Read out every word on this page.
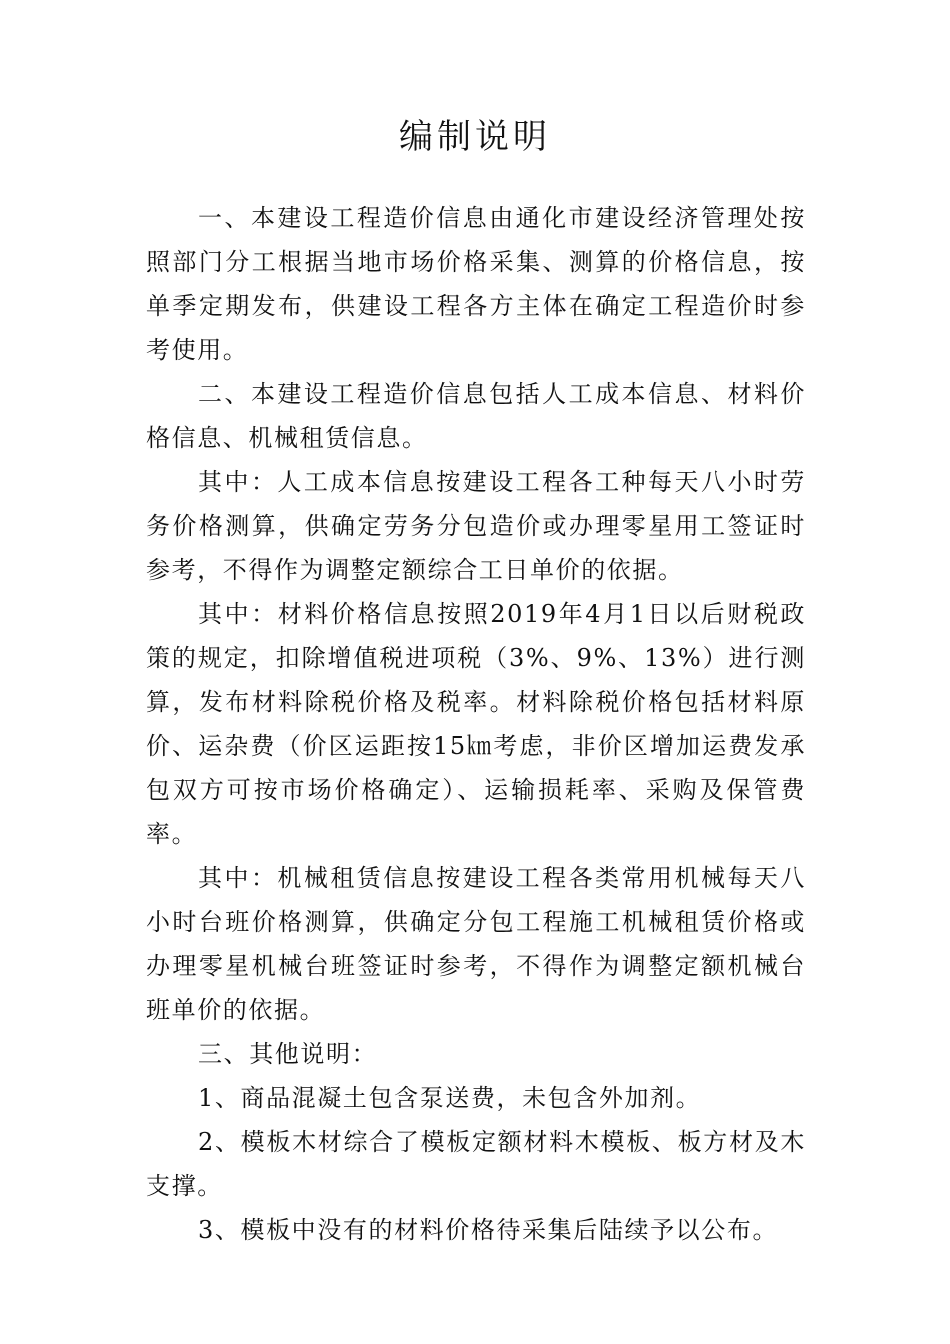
编制说明

一、本建设工程造价信息由通化市建设经济管理处按照部门分工根据当地市场价格采集、测算的价格信息，按单季定期发布，供建设工程各方主体在确定工程造价时参考使用。

二、本建设工程造价信息包括人工成本信息、材料价格信息、机械租赁信息。

其中：人工成本信息按建设工程各工种每天八小时劳务价格测算，供确定劳务分包造价或办理零星用工签证时参考，不得作为调整定额综合工日单价的依据。

其中：材料价格信息按照2019年4月1日以后财税政策的规定，扣除增值税进项税（3%、9%、13%）进行测算，发布材料除税价格及税率。材料除税价格包括材料原价、运杂费（价区运距按15㎞考虑，非价区增加运费发承包双方可按市场价格确定）、运输损耗率、采购及保管费率。

其中：机械租赁信息按建设工程各类常用机械每天八小时台班价格测算，供确定分包工程施工机械租赁价格或办理零星机械台班签证时参考，不得作为调整定额机械台班单价的依据。

三、其他说明：

1、商品混凝土包含泵送费，未包含外加剂。

2、模板木材综合了模板定额材料木模板、板方材及木支撑。

3、模板中没有的材料价格待采集后陆续予以公布。
